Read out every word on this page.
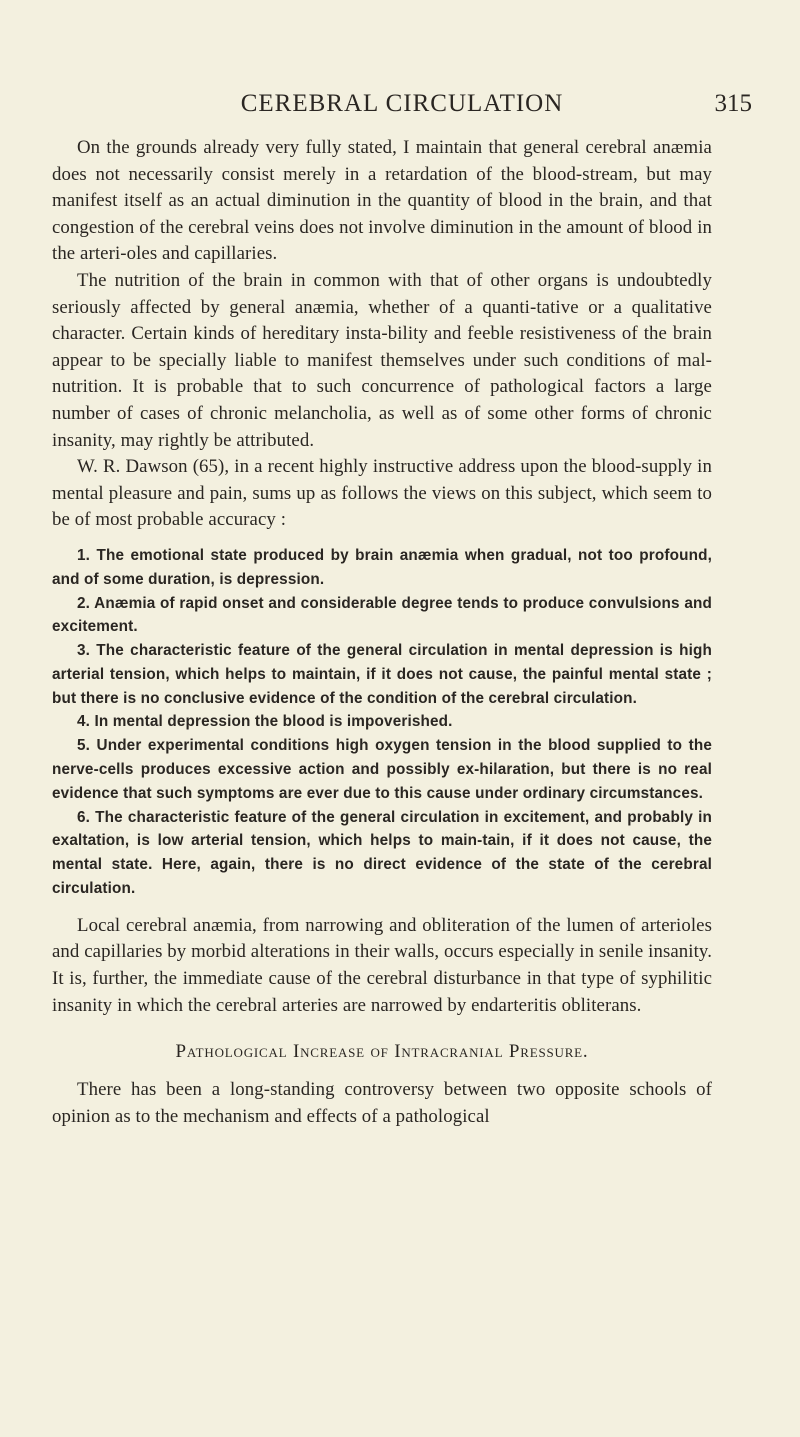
CEREBRAL CIRCULATION	315

On the grounds already very fully stated, I maintain that general cerebral anæmia does not necessarily consist merely in a retardation of the blood-stream, but may manifest itself as an actual diminution in the quantity of blood in the brain, and that congestion of the cerebral veins does not involve diminution in the amount of blood in the arteri-oles and capillaries.

The nutrition of the brain in common with that of other organs is undoubtedly seriously affected by general anæmia, whether of a quanti-tative or a qualitative character. Certain kinds of hereditary insta-bility and feeble resistiveness of the brain appear to be specially liable to manifest themselves under such conditions of mal-nutrition. It is probable that to such concurrence of pathological factors a large number of cases of chronic melancholia, as well as of some other forms of chronic insanity, may rightly be attributed.

W. R. Dawson (65), in a recent highly instructive address upon the blood-supply in mental pleasure and pain, sums up as follows the views on this subject, which seem to be of most probable accuracy :

1. The emotional state produced by brain anæmia when gradual, not too profound, and of some duration, is depression.

2. Anæmia of rapid onset and considerable degree tends to produce convulsions and excitement.

3. The characteristic feature of the general circulation in mental depression is high arterial tension, which helps to maintain, if it does not cause, the painful mental state ; but there is no conclusive evidence of the condition of the cerebral circulation.

4. In mental depression the blood is impoverished.

5. Under experimental conditions high oxygen tension in the blood supplied to the nerve-cells produces excessive action and possibly ex-hilaration, but there is no real evidence that such symptoms are ever due to this cause under ordinary circumstances.

6. The characteristic feature of the general circulation in excitement, and probably in exaltation, is low arterial tension, which helps to main-tain, if it does not cause, the mental state. Here, again, there is no direct evidence of the state of the cerebral circulation.

Local cerebral anæmia, from narrowing and obliteration of the lumen of arterioles and capillaries by morbid alterations in their walls, occurs especially in senile insanity. It is, further, the immediate cause of the cerebral disturbance in that type of syphilitic insanity in which the cerebral arteries are narrowed by endarteritis obliterans.

Pathological Increase of Intracranial Pressure.

There has been a long-standing controversy between two opposite schools of opinion as to the mechanism and effects of a pathological
